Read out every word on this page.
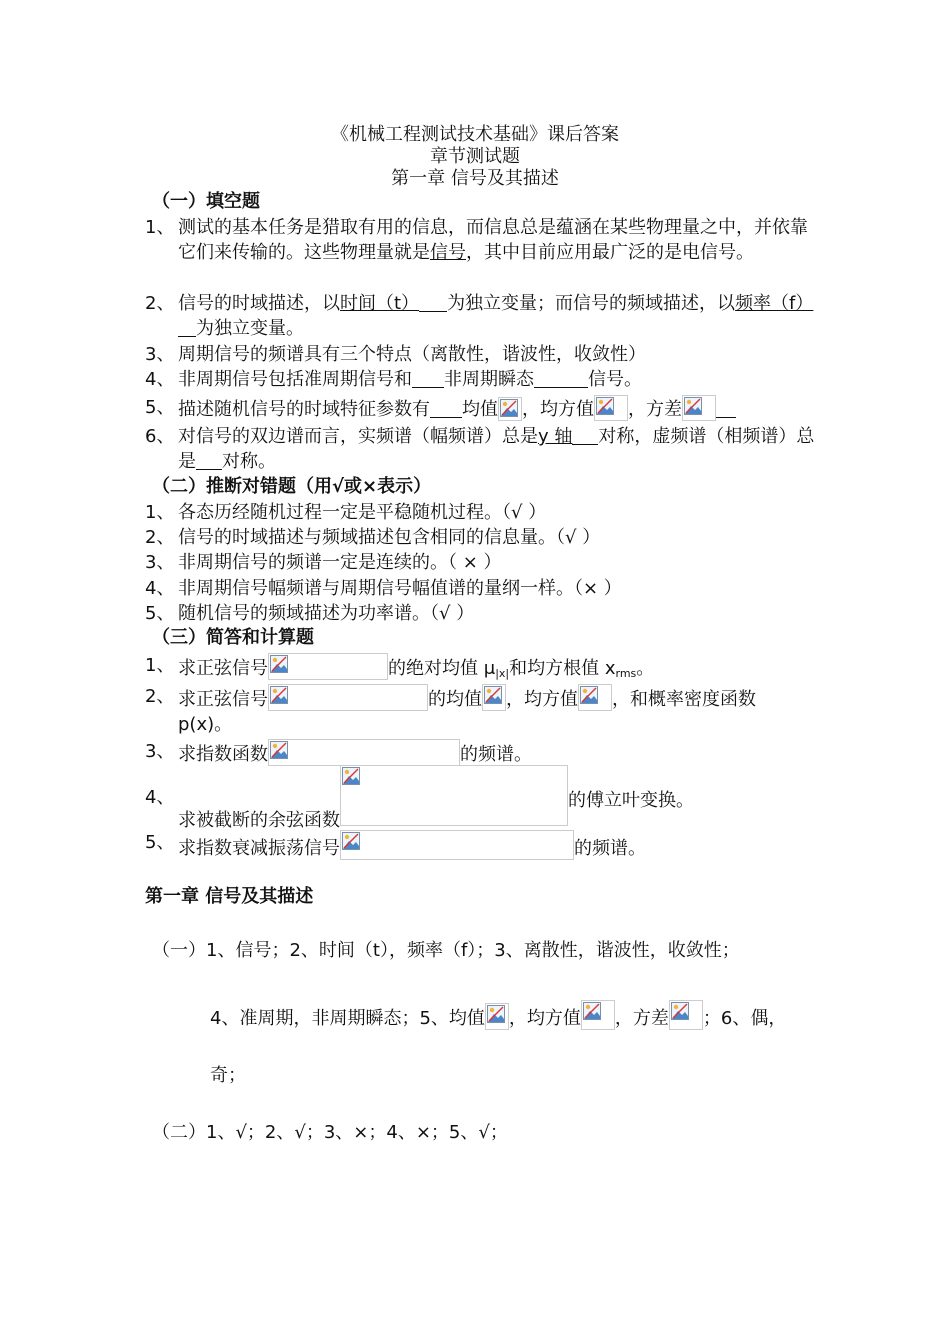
《机械工程测试技术基础》课后答案
章节测试题
第一章 信号及其描述
（一）填空题
1、 测试的基本任务是猎取有用的信息，而信息总是蕴涵在某些物理量之中，并依靠它们来传输的。这些物理量就是信号，其中目前应用最广泛的是电信号。
2、 信号的时域描述，以时间（t） 为独立变量；而信号的频域描述，以频率（f）为独立变量。
3、 周期信号的频谱具有三个特点（离散性，谐波性，收敛性）
4、 非周期信号包括准周期信号和 非周期瞬态	信号。
5、 描述随机信号的时域特征参数有 均值 ，均方值 ，方差
6、 对信号的双边谱而言，实频谱（幅频谱）总是y 轴 对称，虚频谱（相频谱）总是 对称。
（二）推断对错题（用√或×表示）
1、 各态历经随机过程一定是平稳随机过程。（√ ）
2、 信号的时域描述与频域描述包含相同的信息量。（√ ）
3、 非周期信号的频谱一定是连续的。（ × ）
4、 非周期信号幅频谱与周期信号幅值谱的量纲一样。（× ）
5、 随机信号的频域描述为功率谱。（√ ）
（三）简答和计算题
1、 求正弦信号	的绝对均值 $\mu_{|x|}$和均方根值 $x_{rms}$。
2、 求正弦信号	的均值 ，均方值 ，和概率密度函数 p(x)。
3、 求指数函数	的频谱。
4、
求被截断的余弦函数
的傅立叶变换。
5、 求指数衰减振荡信号	的频谱。
第一章 信号及其描述
（一）1、信号；2、时间（t），频率（f）；3、离散性，谐波性，收敛性；
4、准周期，非周期瞬态；5、均值 ，均方值 ，方差 ；6、偶，
奇；
（二）1、√；2、√；3、×；4、×；5、√；
